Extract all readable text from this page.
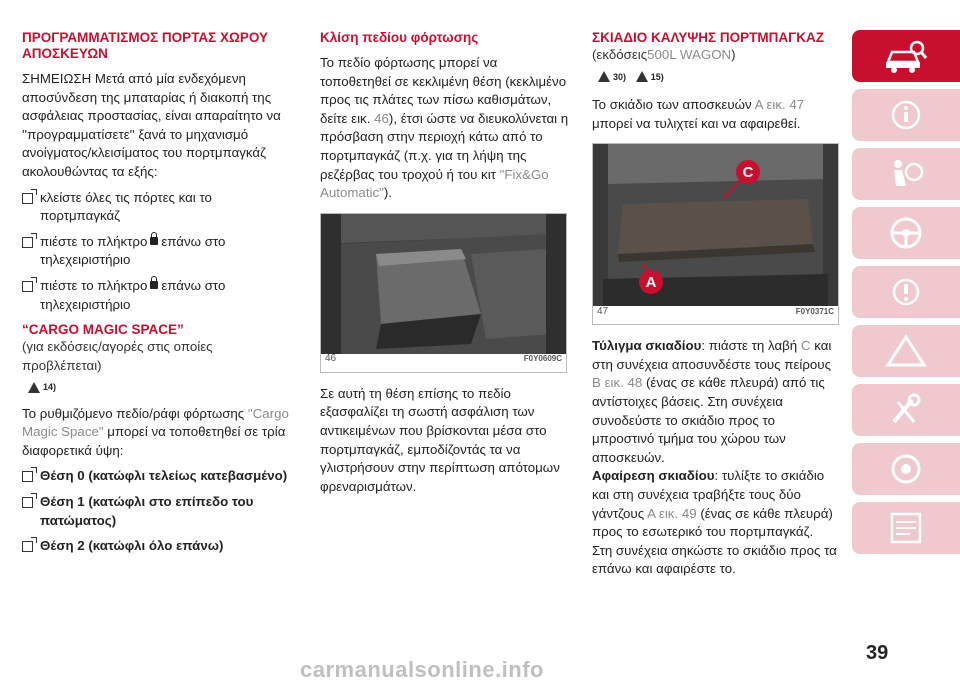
ΠΡΟΓΡΑΜΜΑΤΙΣΜΟΣ ΠΟΡΤΑΣ ΧΩΡΟΥ ΑΠΟΣΚΕΥΩΝ

ΣΗΜΕΙΩΣΗ Μετά από μία ενδεχόμενη αποσύνδεση της μπαταρίας ή διακοπή της ασφάλειας προστασίας, είναι απαραίτητο να ''προγραμματίσετε'' ξανά το μηχανισμό ανοίγματος/κλεισίματος του πορτμπαγκάζ ακολουθώντας τα εξής:

κλείστε όλες τις πόρτες και το πορτμπαγκάζ
πιέστε το πλήκτρο επάνω στο τηλεχειριστήριο
πιέστε το πλήκτρο επάνω στο τηλεχειριστήριο
“CARGO MAGIC SPACE”

(για εκδόσεις/αγορές στις οποίες προβλέπεται)

14)

Το ρυθμιζόμενο πεδίο/ράφι φόρτωσης "Cargo Magic Space" μπορεί να τοποθετηθεί σε τρία διαφορετικά ύψη:

Θέση 0 (κατώφλι τελείως κατεβασμένο)
Θέση 1 (κατώφλι στο επίπεδο του πατώματος)
Θέση 2 (κατώφλι όλο επάνω)
Κλίση πεδίου φόρτωσης

Το πεδίο φόρτωσης μπορεί να τοποθετηθεί σε κεκλιμένη θέση (κεκλιμένο προς τις πλάτες των πίσω καθισμάτων, δείτε εικ. 46), έτσι ώστε να διευκολύνεται η πρόσβαση στην περιοχή κάτω από το πορτμπαγκάζ (π.χ. για τη λήψη της ρεζέρβας του τροχού ή του κιτ "Fix&Go Automatic").

46	F0Y0609C

Σε αυτή τη θέση επίσης το πεδίο εξασφαλίζει τη σωστή ασφάλιση των αντικειμένων που βρίσκονται μέσα στο πορτμπαγκάζ, εμποδίζοντάς τα να γλιστρήσουν στην περίπτωση απότομων φρεναρισμάτων.

ΣΚΙΑΔΙΟ ΚΑΛΥΨΗΣ ΠΟΡΤΜΠΑΓΚΑΖ

(εκδόσεις500L WAGON)

30)
	15)

Το σκιάδιο των αποσκευών Α εικ. 47 μπορεί να τυλιχτεί και να αφαιρεθεί.

C
A
47	F0Y0371C

Τύλιγμα σκιαδίου: πιάστε τη λαβή C και στη συνέχεια αποσυνδέστε τους πείρους Β εικ. 48 (ένας σε κάθε πλευρά) από τις αντίστοιχες βάσεις. Στη συνέχεια συνοδεύστε το σκιάδιο προς το μπροστινό τμήμα του χώρου των αποσκευών.

Αφαίρεση σκιαδίου: τυλίξτε το σκιάδιο και στη συνέχεια τραβήξτε τους δύο γάντζους Α εικ. 49 (ένας σε κάθε πλευρά) προς το εσωτερικό του πορτμπαγκάζ. Στη συνέχεια σηκώστε το σκιάδιο προς τα επάνω και αφαιρέστε το.

39
carmanualsonline.info
